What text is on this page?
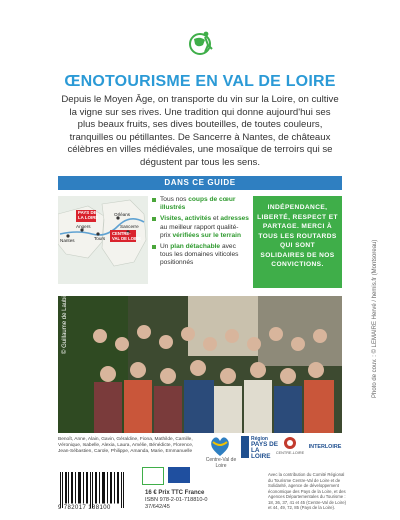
ŒNOTOURISME EN VAL DE LOIRE

Depuis le Moyen Âge, on transporte du vin sur la Loire, on cultive la vigne sur ses rives. Une tradition qui donne aujourd'hui ses plus beaux fruits, ses dives bouteilles, de toutes couleurs, tranquilles ou pétillantes. De Sancerre à Nantes, de châteaux célèbres en villes médiévales, une mosaïque de terroirs qui se dégustent par tous les sens.

DANS CE GUIDE
PAYS DE
LA LOIRE
CENTRE-
VAL DE LOIRE
Nantes
Angers
Tours
Orléans
Sancerre
Tous nos coups de cœur illustrés
Visites, activités et adresses au meilleur rapport qualité-prix vérifiées sur le terrain
Un plan détachable avec tous les domaines viticoles positionnés
INDÉPENDANCE, LIBERTÉ, RESPECT ET PARTAGE. MERCI À TOUS LES ROUTARDS QUI SONT SOLIDAIRES DE NOS CONVICTIONS.
© Guillaume de Laubier
Benoît, Anne, Alain, Gavin, Géraldine, Fiona, Mathilde, Camille, Véronique, Isabelle, Alexia, Laura, Amélie, Bénédicte, Florence, Jean-Sébastien, Carole, Philippe, Amanda, Marie, Emmanuelle
Centre-Val de Loire
Région
PAYS DE
LA LOIRE	CENTRE-LOIRE
INTERLOIRE
9 782017 188100
16 € Prix TTC France
ISBN 978-2-01-718810-0
37/642/45
Avec la contribution du Comité Régional du Tourisme Centre-Val de Loire et de Solidarité, agence de développement économique des Pays de la Loire, et des Agences Départementales du Tourisme : 18, 36, 37, 41 et 45 (Centre-Val de Loire) et 44, 49, 72, 85 (Pays de la Loire).
Photo de couv. : © LEMAIRE Hervé / hemis.fr (Montsoreau)
